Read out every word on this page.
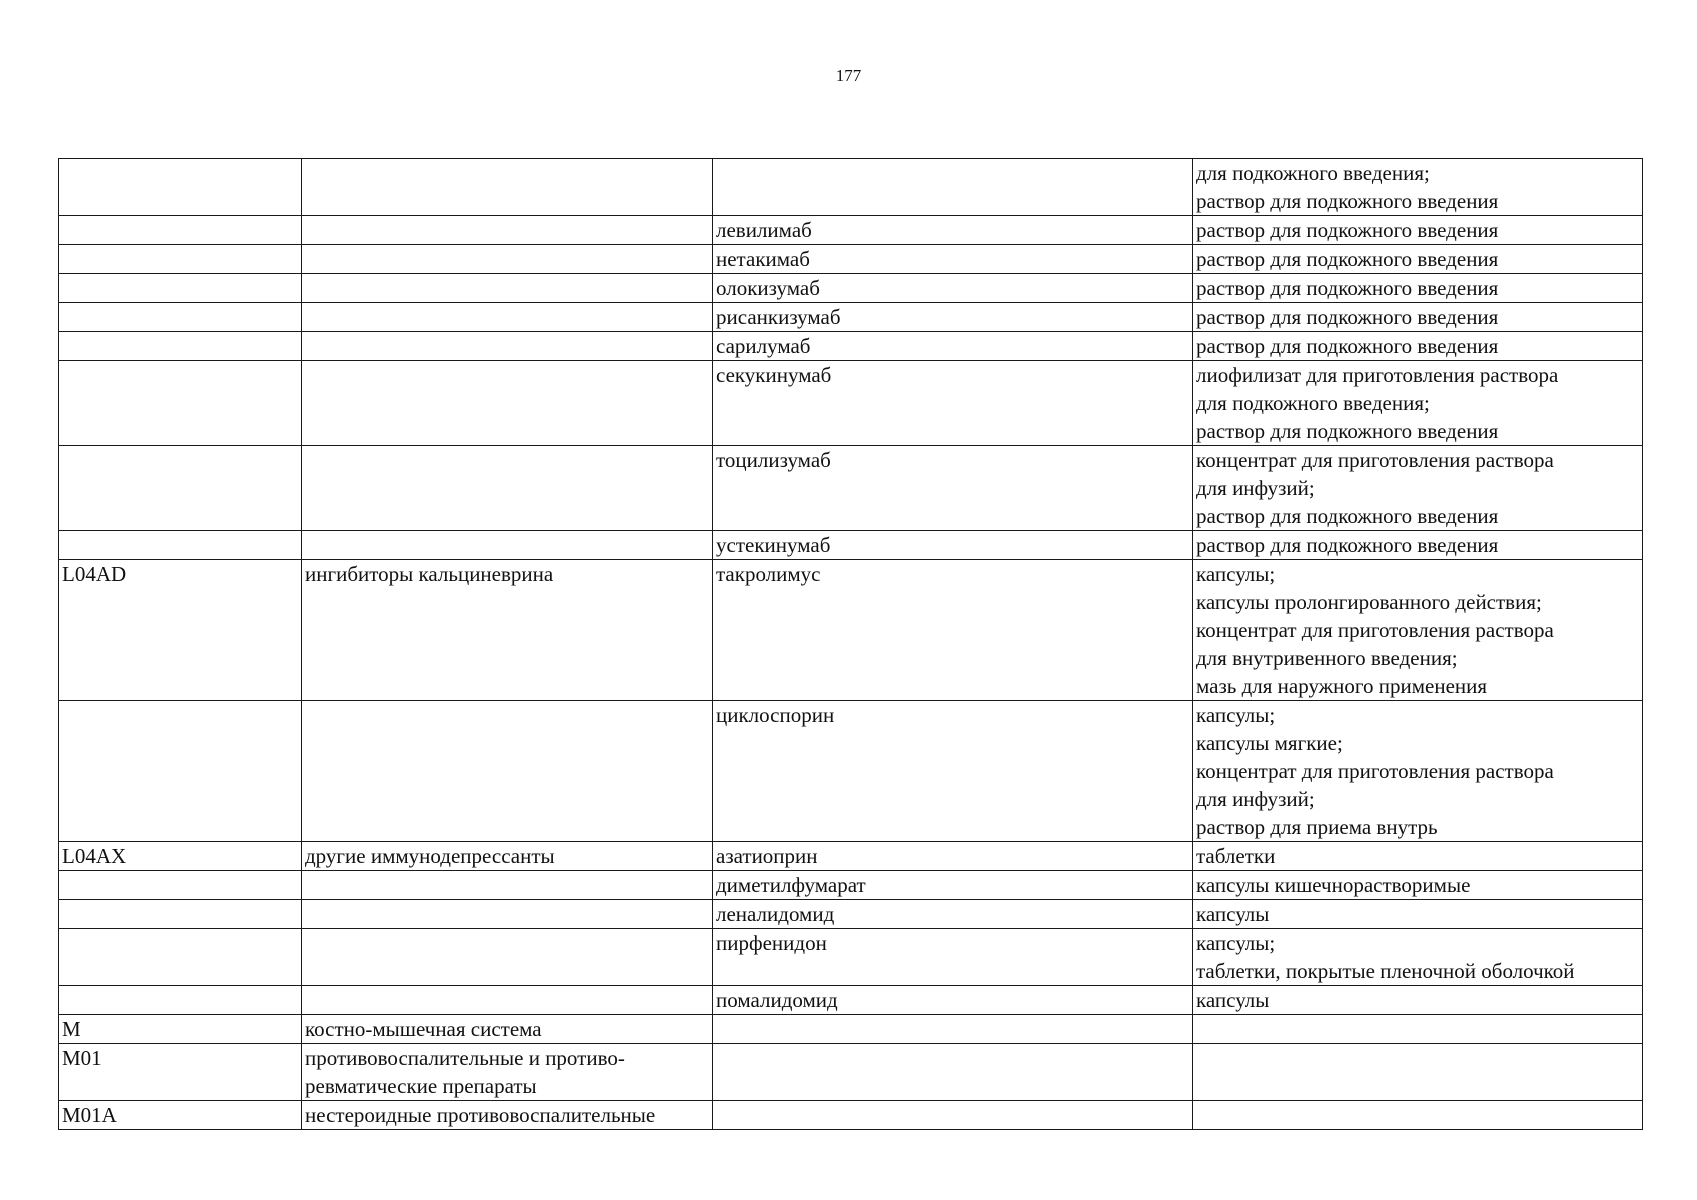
177
			для подкожного введения;
раствор для подкожного введения
		левилимаб	раствор для подкожного введения
		нетакимаб	раствор для подкожного введения
		олокизумаб	раствор для подкожного введения
		рисанкизумаб	раствор для подкожного введения
		сарилумаб	раствор для подкожного введения
		секукинумаб	лиофилизат для приготовления раствора
для подкожного введения;
раствор для подкожного введения
		тоцилизумаб	концентрат для приготовления раствора
для инфузий;
раствор для подкожного введения
		устекинумаб	раствор для подкожного введения
L04AD	ингибиторы кальциневрина	такролимус	капсулы;
капсулы пролонгированного действия;
концентрат для приготовления раствора
для внутривенного введения;
мазь для наружного применения
		циклоспорин	капсулы;
капсулы мягкие;
концентрат для приготовления раствора
для инфузий;
раствор для приема внутрь
L04AX	другие иммунодепрессанты	азатиоприн	таблетки
		диметилфумарат	капсулы кишечнорастворимые
		леналидомид	капсулы
		пирфенидон	капсулы;
таблетки, покрытые пленочной оболочкой
		помалидомид	капсулы
M	костно-мышечная система		
M01	противовоспалительные и противо-
ревматические препараты		
M01A	нестероидные противовоспалительные		
